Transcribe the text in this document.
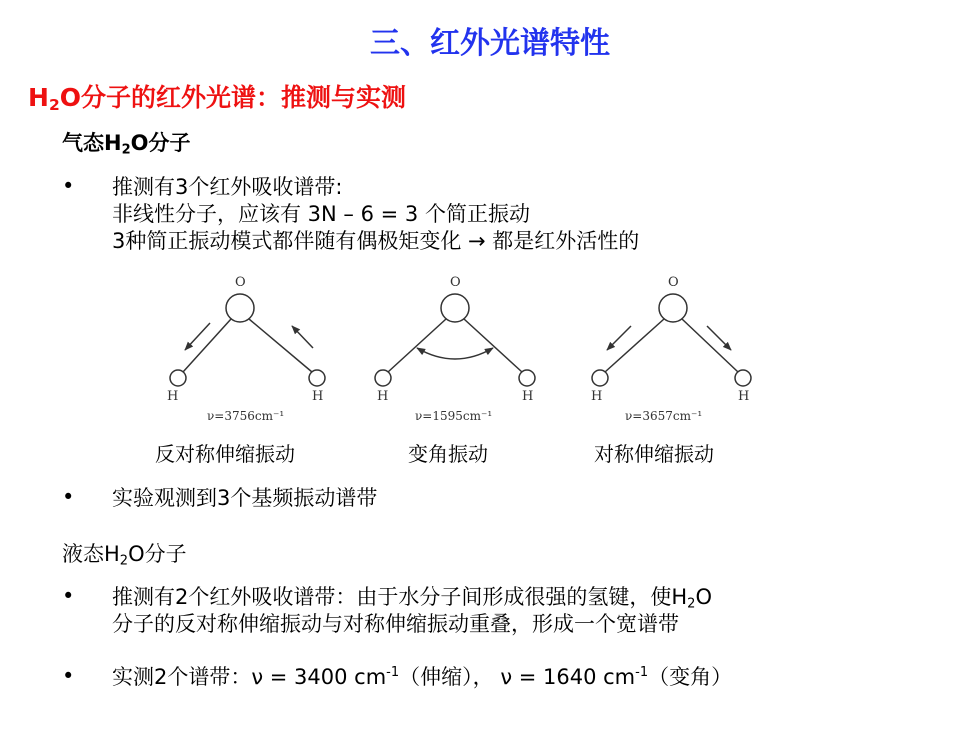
三、红外光谱特性
$H_2O$分子的红外光谱：推测与实测
气态$H_2O$分子
• 推测有3个红外吸收谱带:
非线性分子，应该有 3N – 6 = 3 个简正振动
3种简正振动模式都伴随有偶极矩变化 → 都是红外活性的
O
H	H
ν=3756cm⁻¹
O
H	H
ν=1595cm⁻¹
O
H	H
ν=3657cm⁻¹
反对称伸缩振动	变角振动	对称伸缩振动
• 实验观测到3个基频振动谱带
液态$H_2O$分子
• 推测有2个红外吸收谱带：由于水分子间形成很强的氢键，使$H_2O$
分子的反对称伸缩振动与对称伸缩振动重叠，形成一个宽谱带
• 实测2个谱带：ν = 3400 $cm^{-1}$（伸缩）， ν = 1640 $cm^{-1}$（变角）
